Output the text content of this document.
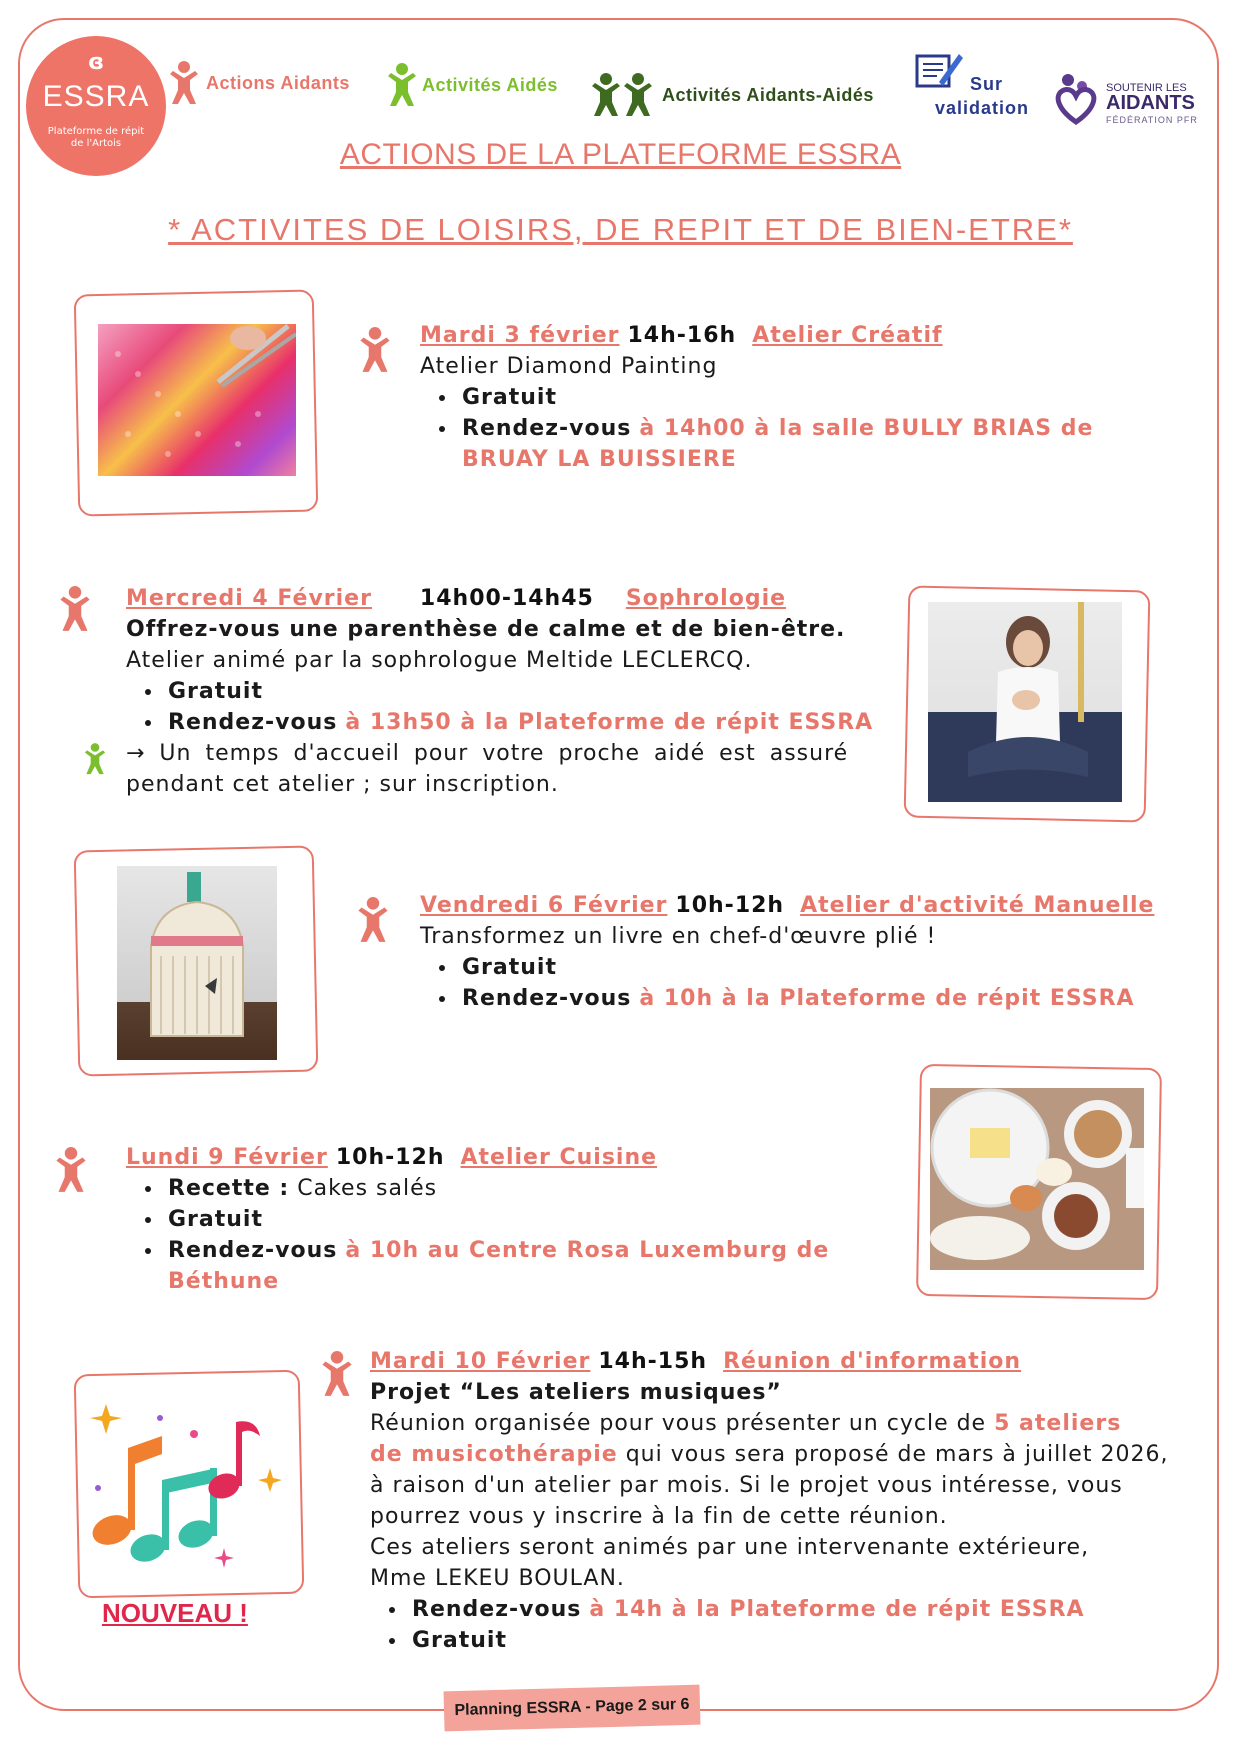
ɞ
ESSRA
Plateforme de répit de l'Artois
Actions Aidants	Activités Aidés	Activités Aidants-Aidés
Sur
validation
SOUTENIR LES
AIDANTS
FÉDÉRATION PFR
ACTIONS DE LA PLATEFORME ESSRA
* ACTIVITES DE LOISIRS, DE REPIT ET DE BIEN-ETRE*
Mardi 3 février 14h-16h Atelier Créatif
Atelier Diamond Painting
• Gratuit
• Rendez-vous à 14h00 à la salle BULLY BRIAS de
BRUAY LA BUISSIERE
Mercredi 4 Février 14h00-14h45 Sophrologie
Offrez-vous une parenthèse de calme et de bien-être.
Atelier animé par la sophrologue Meltide LECLERCQ.
• Gratuit
• Rendez-vous à 13h50 à la Plateforme de répit ESSRA
→ Un temps d'accueil pour votre proche aidé est assuré
pendant cet atelier ; sur inscription.
Vendredi 6 Février 10h-12h Atelier d'activité Manuelle
Transformez un livre en chef-d'œuvre plié !
• Gratuit
• Rendez-vous à 10h à la Plateforme de répit ESSRA
Lundi 9 Février 10h-12h Atelier Cuisine
• Recette : Cakes salés
• Gratuit
• Rendez-vous à 10h au Centre Rosa Luxemburg de
Béthune
NOUVEAU !
Mardi 10 Février 14h-15h Réunion d'information
Projet “Les ateliers musiques”
Réunion organisée pour vous présenter un cycle de 5 ateliers
de musicothérapie qui vous sera proposé de mars à juillet 2026,
à raison d'un atelier par mois. Si le projet vous intéresse, vous
pourrez vous y inscrire à la fin de cette réunion.
Ces ateliers seront animés par une intervenante extérieure,
Mme LEKEU BOULAN.
• Rendez-vous à 14h à la Plateforme de répit ESSRA
• Gratuit
Planning ESSRA - Page 2 sur 6
